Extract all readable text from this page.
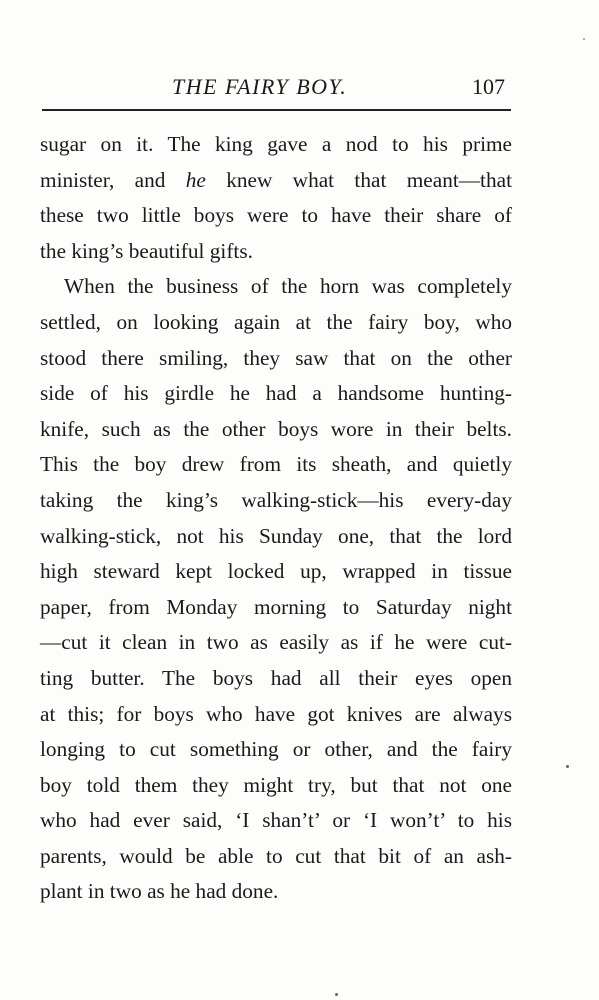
THE FAIRY BOY.	107
sugar on it. The king gave a nod to his prime
minister, and he knew what that meant—that
these two little boys were to have their share of
the king’s beautiful gifts.
When the business of the horn was completely
settled, on looking again at the fairy boy, who
stood there smiling, they saw that on the other
side of his girdle he had a handsome hunting-
knife, such as the other boys wore in their belts.
This the boy drew from its sheath, and quietly
taking the king’s walking-stick—his every-day
walking-stick, not his Sunday one, that the lord
high steward kept locked up, wrapped in tissue
paper, from Monday morning to Saturday night
—cut it clean in two as easily as if he were cut-
ting butter. The boys had all their eyes open
at this; for boys who have got knives are always
longing to cut something or other, and the fairy
boy told them they might try, but that not one
who had ever said, ‘I shan’t’ or ‘I won’t’ to his
parents, would be able to cut that bit of an ash-
plant in two as he had done.
